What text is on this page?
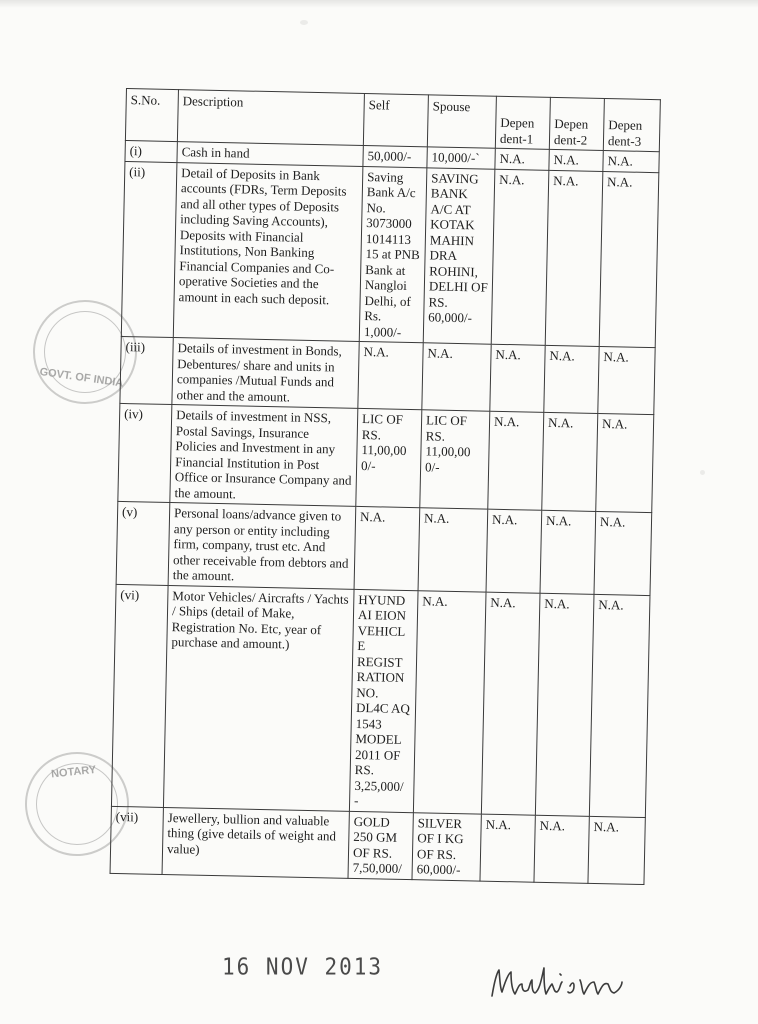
GOVT. OF INDIA
NOTARY
S.No.	Description	Self	Spouse	Depen dent-1	Depen dent-2	Depen dent-3
(i)	Cash in hand	50,000/-	10,000/-`	N.A.	N.A.	N.A.
(ii)	Detail of Deposits in Bank accounts (FDRs, Term Deposits and all other types of Deposits including Saving Accounts), Deposits with Financial Institutions, Non Banking Financial Companies and Co-operative Societies and the amount in each such deposit.	Saving Bank A/c No. 3073000 1014113 15 at PNB Bank at Nangloi Delhi, of Rs. 1,000/-	SAVING BANK A/C AT KOTAK MAHIN DRA ROHINI, DELHI OF RS. 60,000/-	N.A.	N.A.	N.A.
(iii)	Details of investment in Bonds, Debentures/ share and units in companies /Mutual Funds and other and the amount.	N.A.	N.A.	N.A.	N.A.	N.A.
(iv)	Details of investment in NSS, Postal Savings, Insurance Policies and Investment in any Financial Institution in Post Office or Insurance Company and the amount.	LIC OF RS. 11,00,00 0/-	LIC OF RS. 11,00,00 0/-	N.A.	N.A.	N.A.
(v)	Personal loans/advance given to any person or entity including firm, company, trust etc. And other receivable from debtors and the amount.	N.A.	N.A.	N.A.	N.A.	N.A.
(vi)	Motor Vehicles/ Aircrafts / Yachts / Ships (detail of Make, Registration No. Etc, year of purchase and amount.)	HYUND AI EION VEHICL E REGIST RATION NO. DL4C AQ 1543 MODEL 2011 OF RS. 3,25,000/ -	N.A.	N.A.	N.A.	N.A.
(vii)	Jewellery, bullion and valuable thing (give details of weight and value)	GOLD 250 GM OF RS. 7,50,000/	SILVER OF I KG OF RS. 60,000/-	N.A.	N.A.	N.A.
16 NOV 2013
